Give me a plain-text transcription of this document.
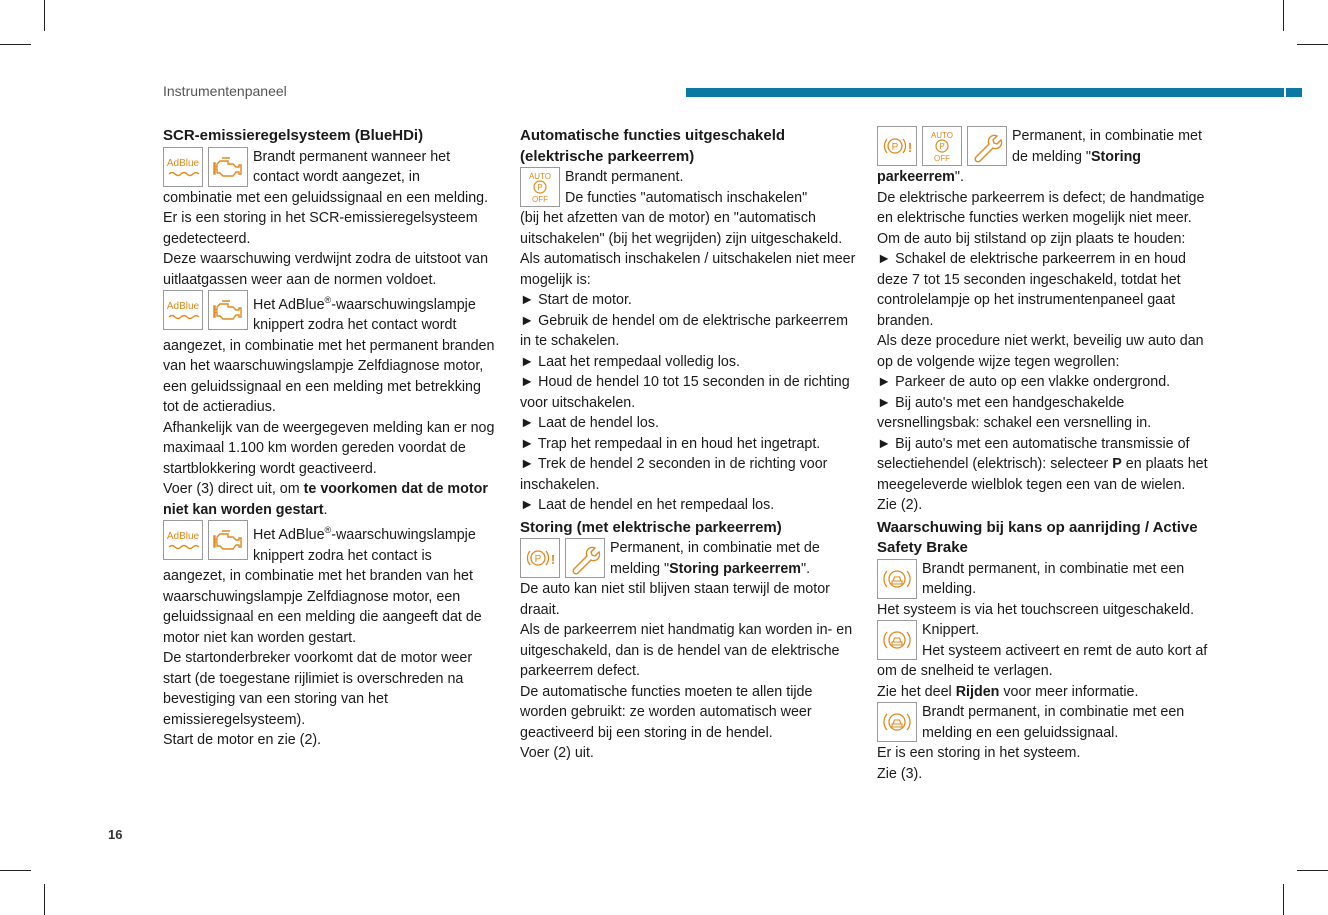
Instrumentenpaneel
16
SCR-emissieregelsysteem (BlueHDi)
AdBlue	Brandt permanent wanneer het

contact wordt aangezet, in

combinatie met een geluidssignaal en een melding.

Er is een storing in het SCR-emissieregelsysteem gedetecteerd.

Deze waarschuwing verdwijnt zodra de uitstoot van uitlaatgassen weer aan de normen voldoet.

AdBlue	Het AdBlue®-waarschuwingslampje

knippert zodra het contact wordt

aangezet, in combinatie met het permanent branden van het waarschuwingslampje Zelfdiagnose motor, een geluidssignaal en een melding met betrekking tot de actieradius.

Afhankelijk van de weergegeven melding kan er nog maximaal 1.100 km worden gereden voordat de startblokkering wordt geactiveerd.

Voer (3) direct uit, om te voorkomen dat de motor niet kan worden gestart.

AdBlue	Het AdBlue®-waarschuwingslampje

knippert zodra het contact is

aangezet, in combinatie met het branden van het waarschuwingslampje Zelfdiagnose motor, een geluidssignaal en een melding die aangeeft dat de motor niet kan worden gestart.

De startonderbreker voorkomt dat de motor weer start (de toegestane rijlimiet is overschreden na bevestiging van een storing van het emissieregelsysteem).

Start de motor en zie (2).

Automatische functies uitgeschakeld (elektrische parkeerrem)
AUTO
P
OFF

Brandt permanent.

De functies "automatisch inschakelen"

(bij het afzetten van de motor) en "automatisch uitschakelen" (bij het wegrijden) zijn uitgeschakeld.

Als automatisch inschakelen / uitschakelen niet meer mogelijk is:

► Start de motor.

► Gebruik de hendel om de elektrische parkeerrem in te schakelen.

► Laat het rempedaal volledig los.

► Houd de hendel 10 tot 15 seconden in de richting voor uitschakelen.

► Laat de hendel los.

► Trap het rempedaal in en houd het ingetrapt.

► Trek de hendel 2 seconden in de richting voor inschakelen.

► Laat de hendel en het rempedaal los.

Storing (met elektrische parkeerrem)
P !

Permanent, in combinatie met de

melding "Storing parkeerrem".

De auto kan niet stil blijven staan terwijl de motor draait.

Als de parkeerrem niet handmatig kan worden in- en uitgeschakeld, dan is de hendel van de elektrische parkeerrem defect.

De automatische functies moeten te allen tijde worden gebruikt: ze worden automatisch weer geactiveerd bij een storing in de hendel.

Voer (2) uit.

P !
AUTO
P
OFF

Permanent, in combinatie met

de melding "Storing

parkeerrem".

De elektrische parkeerrem is defect; de handmatige en elektrische functies werken mogelijk niet meer.

Om de auto bij stilstand op zijn plaats te houden:

► Schakel de elektrische parkeerrem in en houd deze 7 tot 15 seconden ingeschakeld, totdat het controlelampje op het instrumentenpaneel gaat branden.

Als deze procedure niet werkt, beveilig uw auto dan op de volgende wijze tegen wegrollen:

► Parkeer de auto op een vlakke ondergrond.

► Bij auto's met een handgeschakelde versnellingsbak: schakel een versnelling in.

► Bij auto's met een automatische transmissie of selectiehendel (elektrisch): selecteer P en plaats het meegeleverde wielblok tegen een van de wielen.

Zie (2).

Waarschuwing bij kans op aanrijding / Active Safety Brake

Brandt permanent, in combinatie met een

melding.

Het systeem is via het touchscreen uitgeschakeld.

Knippert.

Het systeem activeert en remt de auto kort af

om de snelheid te verlagen.

Zie het deel Rijden voor meer informatie.

Brandt permanent, in combinatie met een

melding en een geluidssignaal.

Er is een storing in het systeem.

Zie (3).
